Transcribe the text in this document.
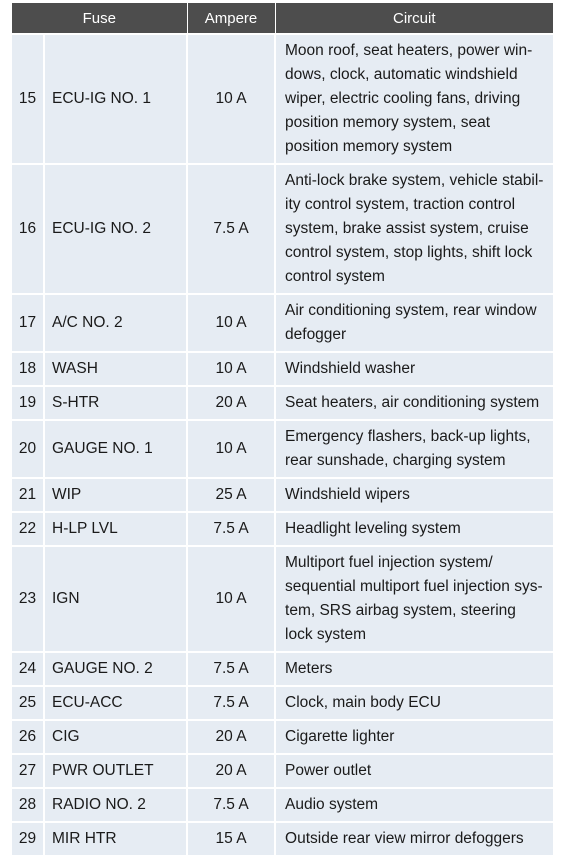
Fuse		Ampere	Circuit
15	ECU-IG NO. 1	10 A	Moon roof, seat heaters, power windows, clock, automatic windshield wiper, electric cooling fans, driving position memory system, seat position memory system
16	ECU-IG NO. 2	7.5 A	Anti-lock brake system, vehicle stability control system, traction control system, brake assist system, cruise control system, stop lights, shift lock control system
17	A/C NO. 2	10 A	Air conditioning system, rear window defogger
18	WASH	10 A	Windshield washer
19	S-HTR	20 A	Seat heaters, air conditioning system
20	GAUGE NO. 1	10 A	Emergency flashers, back-up lights, rear sunshade, charging system
21	WIP	25 A	Windshield wipers
22	H-LP LVL	7.5 A	Headlight leveling system
23	IGN	10 A	Multiport fuel injection system/ sequential multiport fuel injection system, SRS airbag system, steering lock system
24	GAUGE NO. 2	7.5 A	Meters
25	ECU-ACC	7.5 A	Clock, main body ECU
26	CIG	20 A	Cigarette lighter
27	PWR OUTLET	20 A	Power outlet
28	RADIO NO. 2	7.5 A	Audio system
29	MIR HTR	15 A	Outside rear view mirror defoggers
